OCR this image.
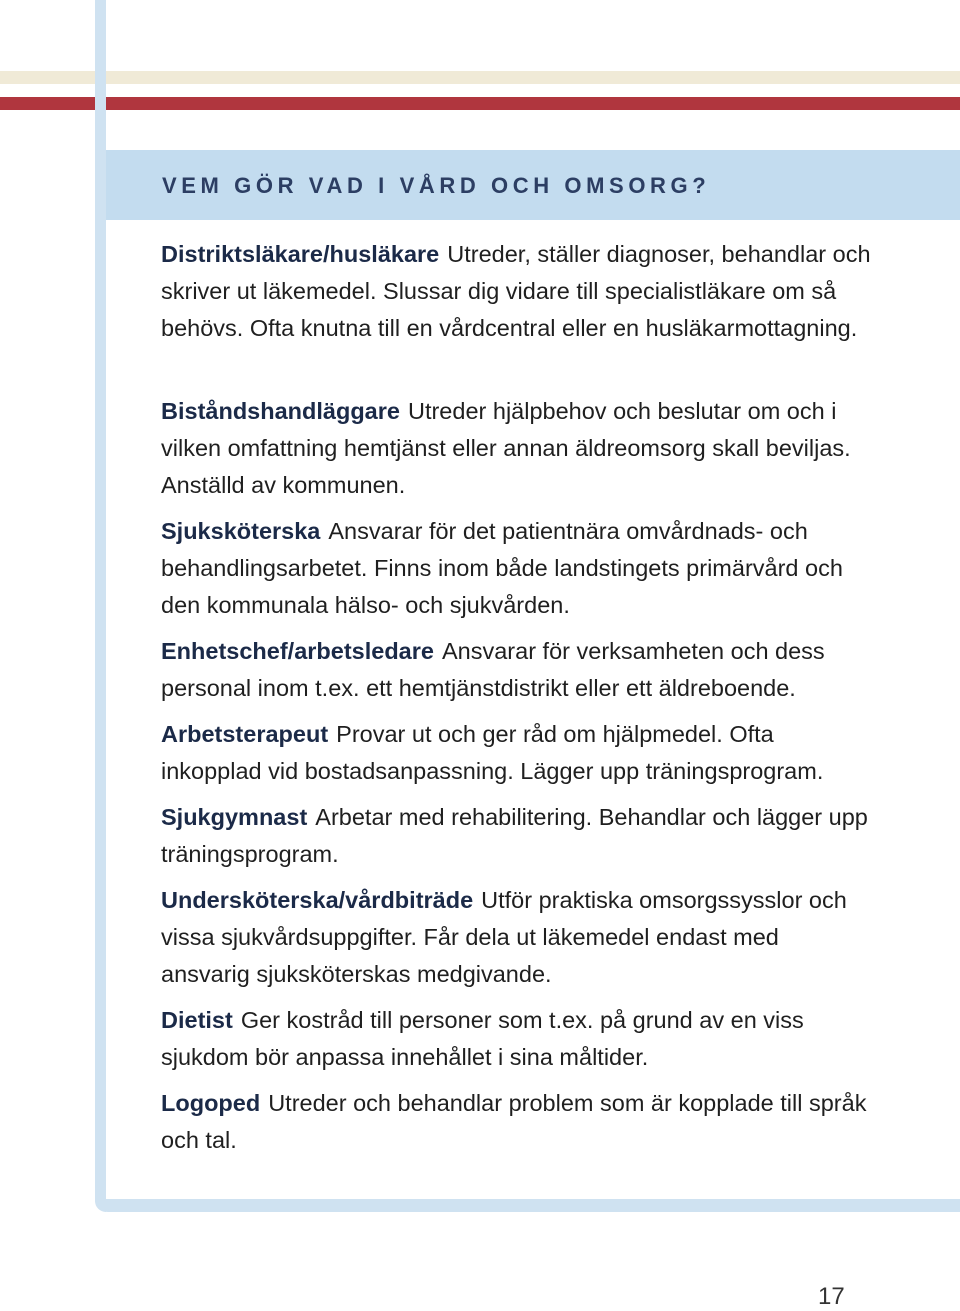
VEM GÖR VAD I VÅRD OCH OMSORG?

Distriktsläkare/husläkare Utreder, ställer diagnoser, behandlar och skriver ut läkemedel. Slussar dig vidare till specialistläkare om så behövs. Ofta knutna till en vårdcentral eller en husläkarmottagning.

Biståndshandläggare Utreder hjälpbehov och beslutar om och i vilken omfattning hemtjänst eller annan äldreomsorg skall beviljas. Anställd av kommunen.

Sjuksköterska Ansvarar för det patientnära omvårdnads- och behandlingsarbetet. Finns inom både landstingets primärvård och den kommunala hälso- och sjukvården.

Enhetschef/arbetsledare Ansvarar för verksamheten och dess personal inom t.ex. ett hemtjänstdistrikt eller ett äldreboende.

Arbetsterapeut Provar ut och ger råd om hjälpmedel. Ofta inkopplad vid bostadsanpassning. Lägger upp träningsprogram.

Sjukgymnast Arbetar med rehabilitering. Behandlar och lägger upp träningsprogram.

Undersköterska/vårdbiträde Utför praktiska omsorgssysslor och vissa sjukvårdsuppgifter. Får dela ut läkemedel endast med ansvarig sjuksköterskas medgivande.

Dietist Ger kostråd till personer som t.ex. på grund av en viss sjukdom bör anpassa innehållet i sina måltider.

Logoped Utreder och behandlar problem som är kopplade till språk och tal.

17
